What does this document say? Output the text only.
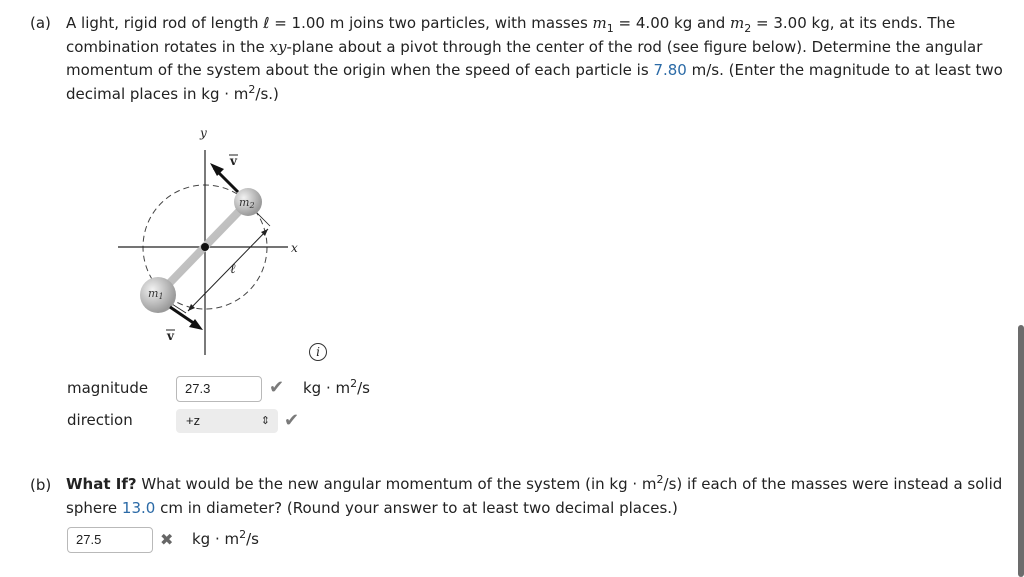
(a) A light, rigid rod of length ℓ = 1.00 m joins two particles, with masses $m_1 = 4.00$ kg and $m_2 = 3.00$ kg, at its ends. The combination rotates in the xy-plane about a pivot through the center of the rod (see figure below). Determine the angular momentum of the system about the origin when the speed of each particle is 7.80 m/s. (Enter the magnitude to at least two decimal places in kg · $m^2/s$.)
y
x
v
v
ℓ
m2
m1
i
magnitude	27.3	✔ kg · $m^2/s$
direction	+z	⇕ ✔
(b) What If? What would be the new angular momentum of the system (in kg · $m^2/s$) if each of the masses were instead a solid sphere 13.0 cm in diameter? (Round your answer to at least two decimal places.)
27.5	✖ kg · $m^2/s$
